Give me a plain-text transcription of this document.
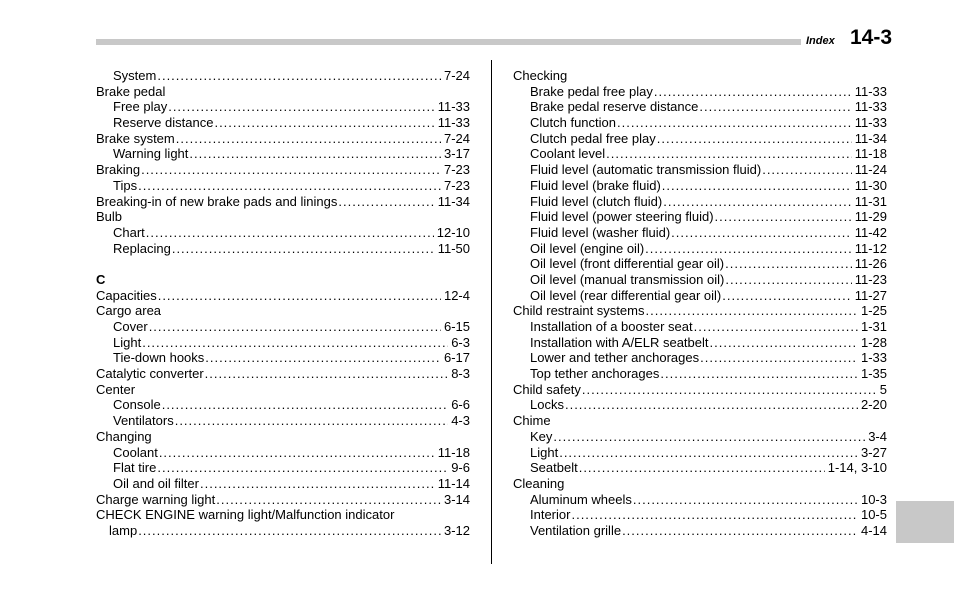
Index 14-3
System .....	7-24
Brake pedal
Free play .....	11-33
Reserve distance .....	11-33
Brake system .....	7-24
Warning light .....	3-17
Braking .....	7-23
Tips .....	7-23
Breaking-in of new brake pads and linings .....	11-34
Bulb
Chart .....	12-10
Replacing .....	11-50
C
Capacities .....	12-4
Cargo area
Cover .....	6-15
Light .....	6-3
Tie-down hooks .....	6-17
Catalytic converter .....	8-3
Center
Console .....	6-6
Ventilators .....	4-3
Changing
Coolant .....	11-18
Flat tire .....	9-6
Oil and oil filter .....	11-14
Charge warning light .....	3-14
CHECK ENGINE warning light/Malfunction indicator
lamp .....	3-12
Checking
Brake pedal free play .....	11-33
Brake pedal reserve distance .....	11-33
Clutch function .....	11-33
Clutch pedal free play .....	11-34
Coolant level .....	11-18
Fluid level (automatic transmission fluid) .....	11-24
Fluid level (brake fluid) .....	11-30
Fluid level (clutch fluid) .....	11-31
Fluid level (power steering fluid) .....	11-29
Fluid level (washer fluid) .....	11-42
Oil level (engine oil) .....	11-12
Oil level (front differential gear oil) .....	11-26
Oil level (manual transmission oil) .....	11-23
Oil level (rear differential gear oil) .....	11-27
Child restraint systems .....	1-25
Installation of a booster seat .....	1-31
Installation with A/ELR seatbelt .....	1-28
Lower and tether anchorages .....	1-33
Top tether anchorages .....	1-35
Child safety .....	5
Locks .....	2-20
Chime
Key .....	3-4
Light .....	3-27
Seatbelt .....	1-14, 3-10
Cleaning
Aluminum wheels .....	10-3
Interior .....	10-5
Ventilation grille .....	4-14
